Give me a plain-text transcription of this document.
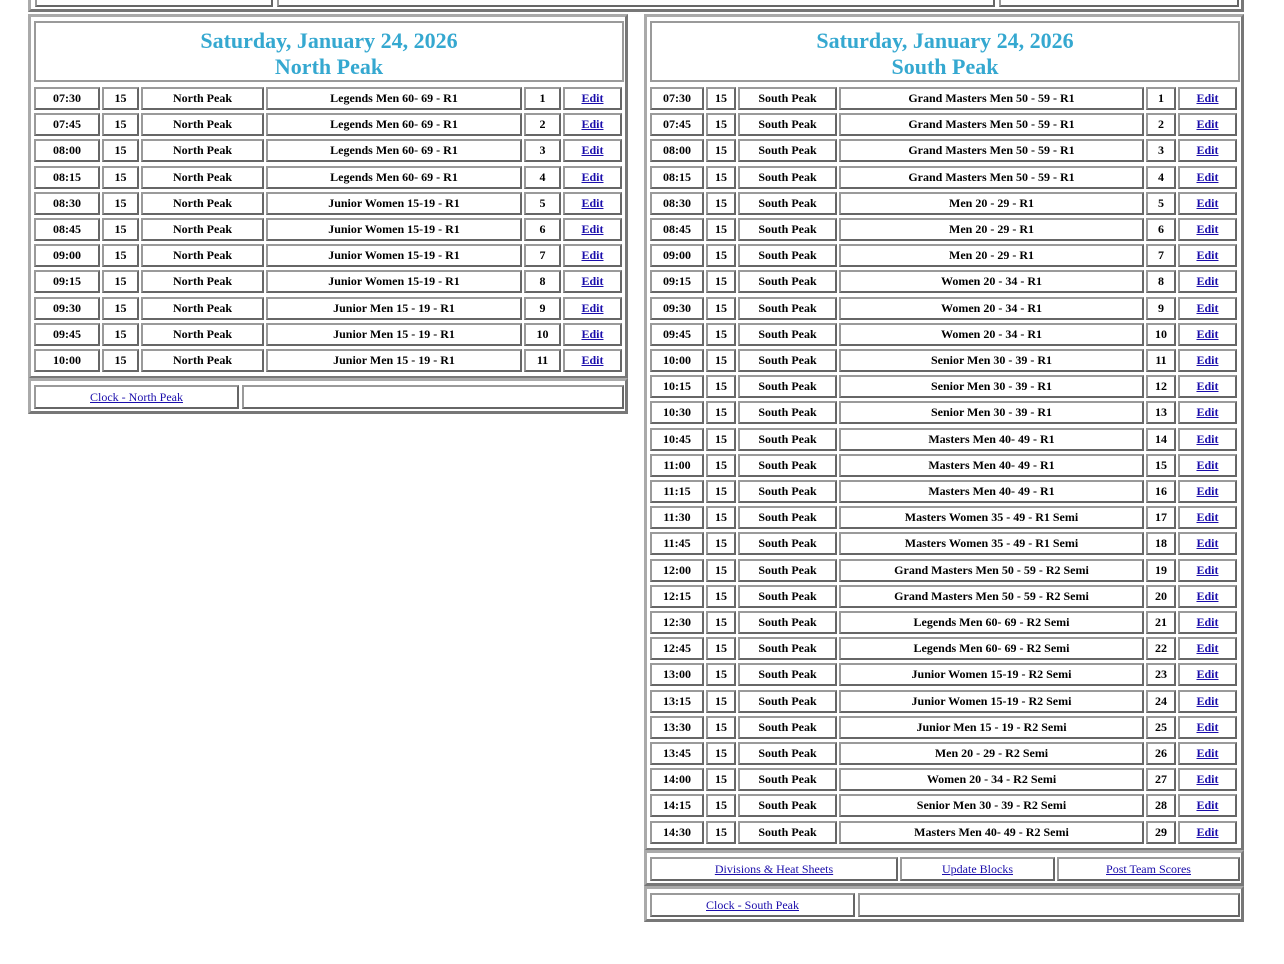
Saturday, January 24, 2026
North Peak
07:30	15	North Peak	Legends Men 60- 69 - R1	1	Edit
07:45	15	North Peak	Legends Men 60- 69 - R1	2	Edit
08:00	15	North Peak	Legends Men 60- 69 - R1	3	Edit
08:15	15	North Peak	Legends Men 60- 69 - R1	4	Edit
08:30	15	North Peak	Junior Women 15-19 - R1	5	Edit
08:45	15	North Peak	Junior Women 15-19 - R1	6	Edit
09:00	15	North Peak	Junior Women 15-19 - R1	7	Edit
09:15	15	North Peak	Junior Women 15-19 - R1	8	Edit
09:30	15	North Peak	Junior Men 15 - 19 - R1	9	Edit
09:45	15	North Peak	Junior Men 15 - 19 - R1	10	Edit
10:00	15	North Peak	Junior Men 15 - 19 - R1	11	Edit
Clock - North Peak
Saturday, January 24, 2026
South Peak
07:30 15	South Peak	Grand Masters Men 50 - 59 - R1	1	Edit
07:45 15	South Peak	Grand Masters Men 50 - 59 - R1	2	Edit
08:00 15	South Peak	Grand Masters Men 50 - 59 - R1	3	Edit
08:15 15	South Peak	Grand Masters Men 50 - 59 - R1	4	Edit
08:30 15	South Peak	Men 20 - 29 - R1	5	Edit
08:45 15	South Peak	Men 20 - 29 - R1	6	Edit
09:00 15	South Peak	Men 20 - 29 - R1	7	Edit
09:15 15	South Peak	Women 20 - 34 - R1	8	Edit
09:30 15	South Peak	Women 20 - 34 - R1	9	Edit
09:45 15	South Peak	Women 20 - 34 - R1	10 Edit
10:00 15	South Peak	Senior Men 30 - 39 - R1	11 Edit
10:15 15	South Peak	Senior Men 30 - 39 - R1	12 Edit
10:30 15	South Peak	Senior Men 30 - 39 - R1	13 Edit
10:45 15	South Peak	Masters Men 40- 49 - R1	14 Edit
11:00 15	South Peak	Masters Men 40- 49 - R1	15 Edit
11:15 15	South Peak	Masters Men 40- 49 - R1	16 Edit
11:30 15	South Peak	Masters Women 35 - 49 - R1 Semi	17 Edit
11:45 15	South Peak	Masters Women 35 - 49 - R1 Semi	18 Edit
12:00 15	South Peak	Grand Masters Men 50 - 59 - R2 Semi	19 Edit
12:15 15	South Peak	Grand Masters Men 50 - 59 - R2 Semi	20 Edit
12:30 15	South Peak	Legends Men 60- 69 - R2 Semi	21 Edit
12:45 15	South Peak	Legends Men 60- 69 - R2 Semi	22 Edit
13:00 15	South Peak	Junior Women 15-19 - R2 Semi	23 Edit
13:15 15	South Peak	Junior Women 15-19 - R2 Semi	24 Edit
13:30 15	South Peak	Junior Men 15 - 19 - R2 Semi	25 Edit
13:45 15	South Peak	Men 20 - 29 - R2 Semi	26 Edit
14:00 15	South Peak	Women 20 - 34 - R2 Semi	27 Edit
14:15 15	South Peak	Senior Men 30 - 39 - R2 Semi	28 Edit
14:30 15	South Peak	Masters Men 40- 49 - R2 Semi	29 Edit
Divisions & Heat Sheets	Update Blocks	Post Team Scores
Clock - South Peak
